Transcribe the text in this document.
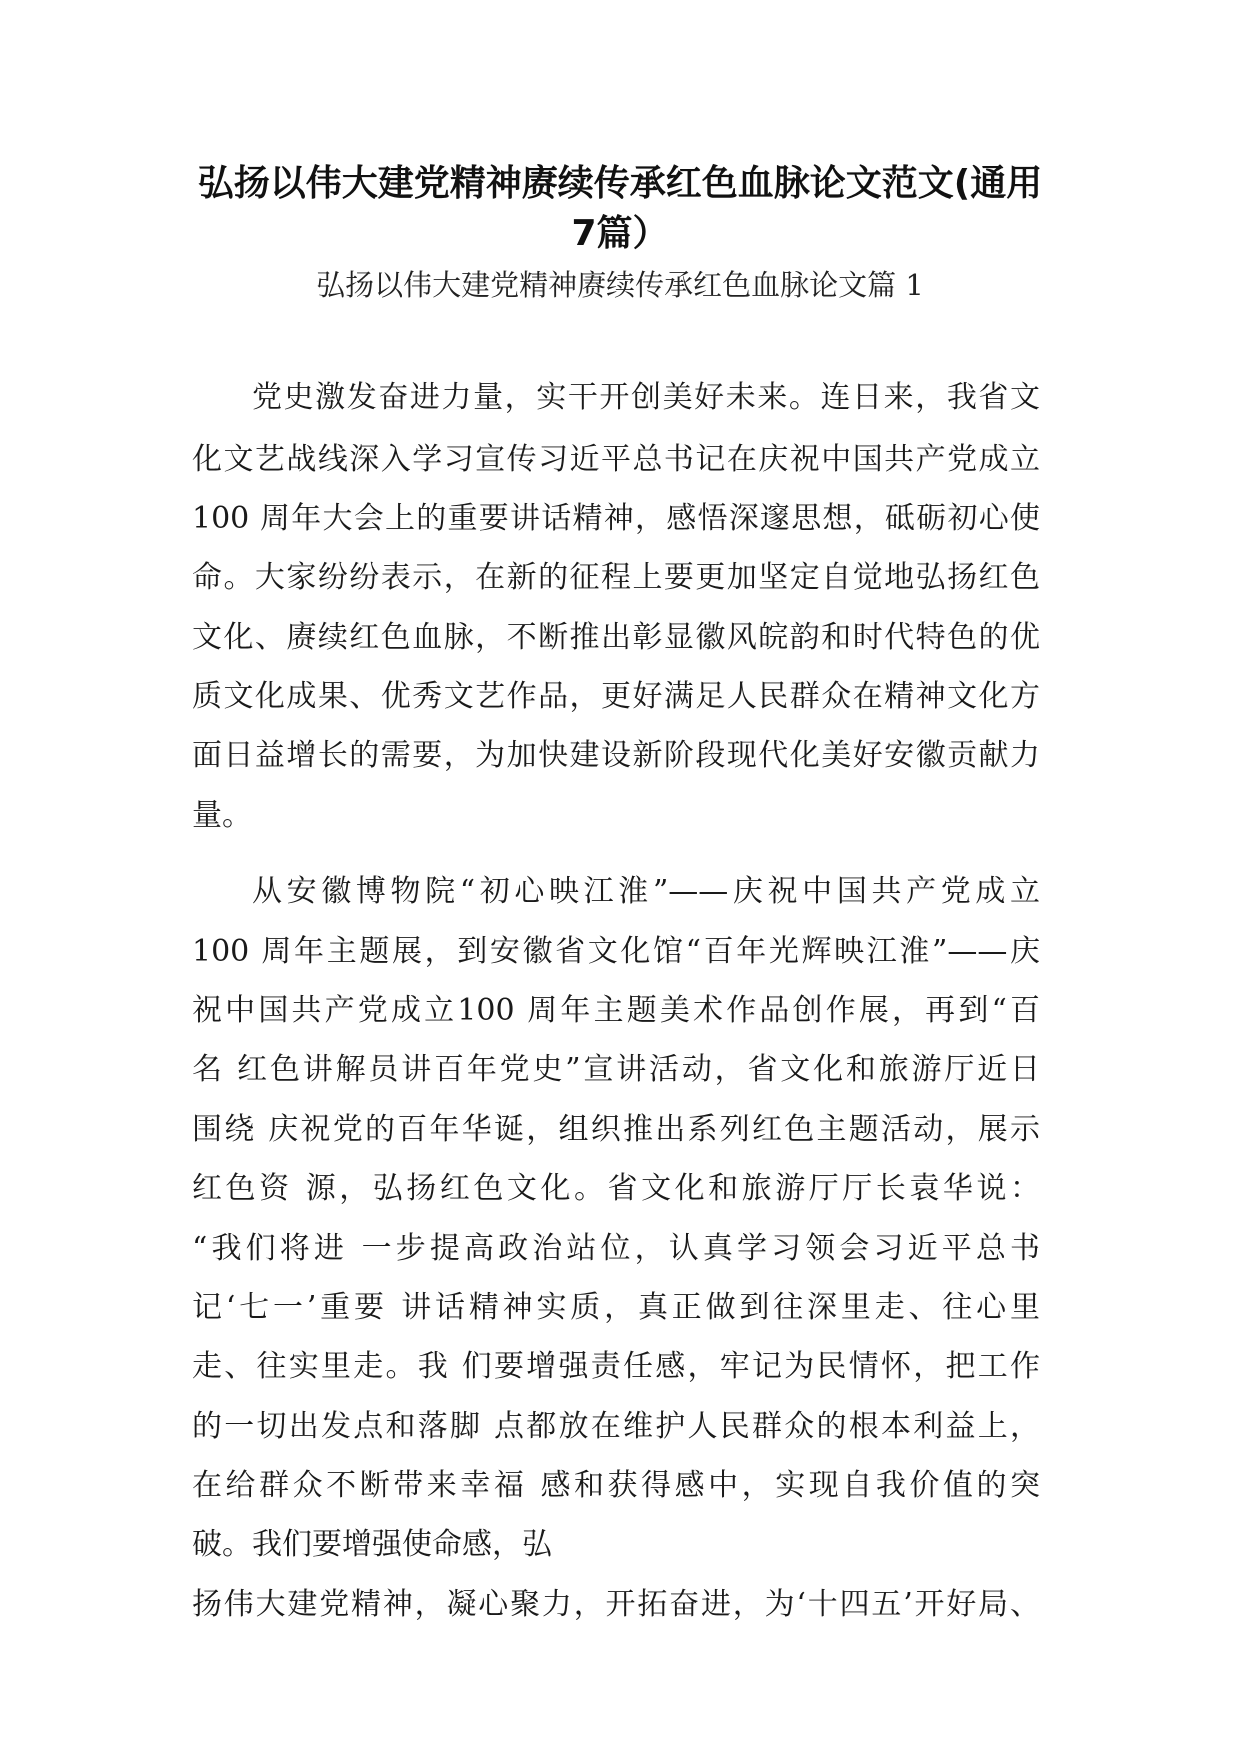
弘扬以伟大建党精神赓续传承红色血脉论文范文(通用
7篇）
弘扬以伟大建党精神赓续传承红色血脉论文篇 1
党史激发奋进力量，实干开创美好未来。连日来，我省文
化文艺战线深入学习宣传习近平总书记在庆祝中国共产党成立
100 周年大会上的重要讲话精神，感悟深邃思想，砥砺初心使
命。大家纷纷表示，在新的征程上要更加坚定自觉地弘扬红色
文化、赓续红色血脉，不断推出彰显徽风皖韵和时代特色的优
质文化成果、优秀文艺作品，更好满足人民群众在精神文化方
面日益增长的需要，为加快建设新阶段现代化美好安徽贡献力
量。
从安徽博物院“初心映江淮”——庆祝中国共产党成立
100 周年主题展，到安徽省文化馆“百年光辉映江淮”——庆
祝中国共产党成立100 周年主题美术作品创作展，再到“百
名 红色讲解员讲百年党史”宣讲活动，省文化和旅游厅近日
围绕 庆祝党的百年华诞，组织推出系列红色主题活动，展示
红色资 源，弘扬红色文化。省文化和旅游厅厅长袁华说：
“我们将进 一步提高政治站位，认真学习领会习近平总书
记‘七一’重要 讲话精神实质，真正做到往深里走、往心里
走、往实里走。我 们要增强责任感，牢记为民情怀，把工作
的一切出发点和落脚 点都放在维护人民群众的根本利益上，
在给群众不断带来幸福 感和获得感中，实现自我价值的突
破。我们要增强使命感，弘
扬伟大建党精神，凝心聚力，开拓奋进，为‘十四五’开好局、
